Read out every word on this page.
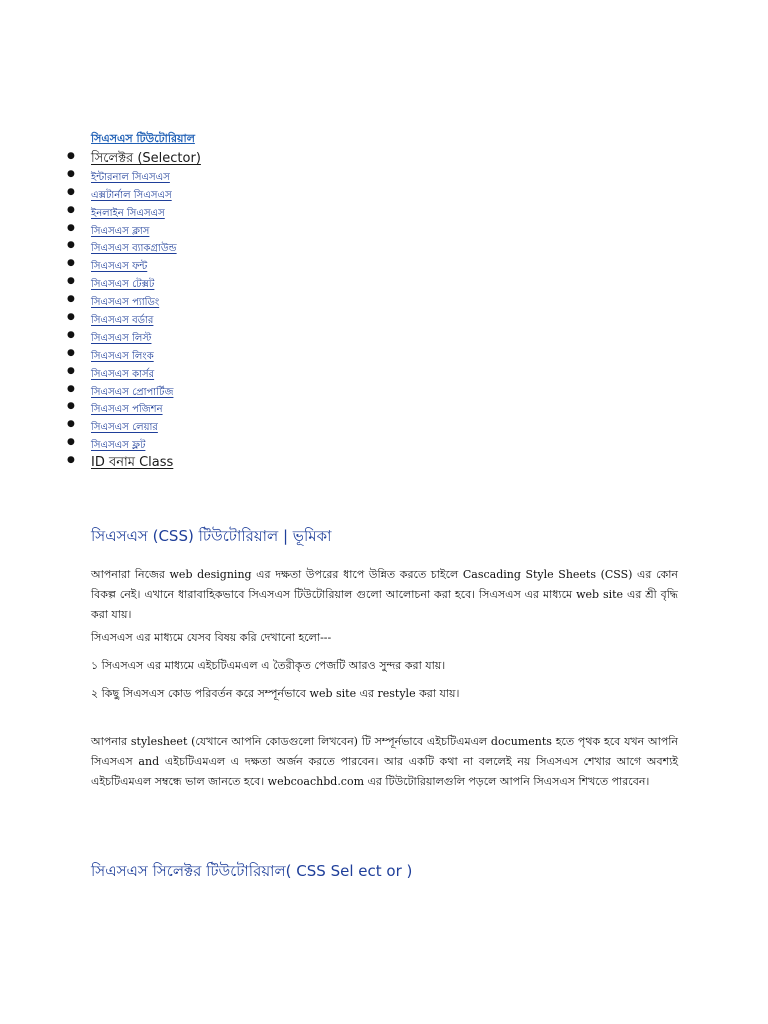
সিএসএস টিউটোরিয়াল
● সিলেক্টর (Selector)
● ইন্টারনাল সিএসএস
● এক্সটার্নাল সিএসএস
● ইনলাইন সিএসএস
● সিএসএস ক্লাস
● সিএসএস ব্যাকগ্রাউন্ড
● সিএসএস ফন্ট
● সিএসএস টেক্সট
● সিএসএস প্যাডিং
● সিএসএস বর্ডার
● সিএসএস লিস্ট
● সিএসএস লিংক
● সিএসএস কার্সর
● সিএসএস প্রোপার্টিজ
● সিএসএস পজিশন
● সিএসএস লেয়ার
● সিএসএস ফ্লট
● ID বনাম Class
সিএসএস (CSS) টিউটোরিয়াল | ভূমিকা

আপনারা নিজের web designing এর দক্ষতা উপরের ধাপে উন্নিত করতে চাইলে Cascading Style Sheets (CSS) এর কোন বিকল্প নেই। এখানে ধারাবাহিকভাবে সিএসএস টিউটোরিয়াল গুলো আলোচনা করা হবে। সিএসএস এর মাধ্যমে web site এর শ্রী বৃদ্ধি করা যায়।

সিএসএস এর মাধ্যমে যেসব বিষয় করি দেখানো হলো---

১ সিএসএস এর মাধ্যমে এইচটিএমএল এ তৈরীকৃত পেজটি আরও সুন্দর করা যায়।

২ কিছু সিএসএস কোড পরিবর্তন করে সম্পূর্নভাবে web site এর restyle করা যায়।

আপনার stylesheet (যেখানে আপনি কোডগুলো লিখবেন) টি সম্পূর্নভাবে এইচটিএমএল documents হতে পৃথক হবে যখন আপনি সিএসএস and এইচটিএমএল এ দক্ষতা অর্জন করতে পারবেন। আর একটি কথা না বললেই নয় সিএসএস শেখার আগে অবশ্যই এইচটিএমএল সম্বন্ধে ভাল জানতে হবে। webcoachbd.com এর টিউটোরিয়ালগুলি পড়লে আপনি সিএসএস শিখতে পারবেন।

সিএসএস সিলেক্টর টিউটোরিয়াল( CSS Sel ect or )
